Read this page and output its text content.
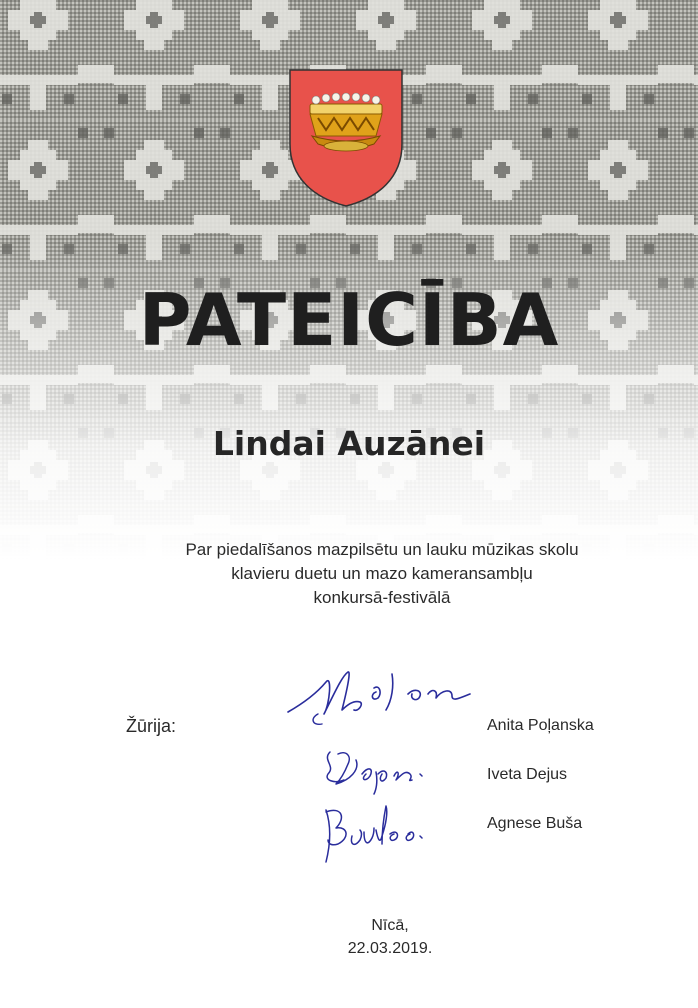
PATEICĪBA
Lindai Auzānei
Par piedalīšanos mazpilsētu un lauku mūzikas skolu
klavieru duetu un mazo kameransambļu
konkursā-festivālā
Žūrija:	Anita Poļanska
Iveta Dejus
Agnese Buša
Nīcā,
22.03.2019.
